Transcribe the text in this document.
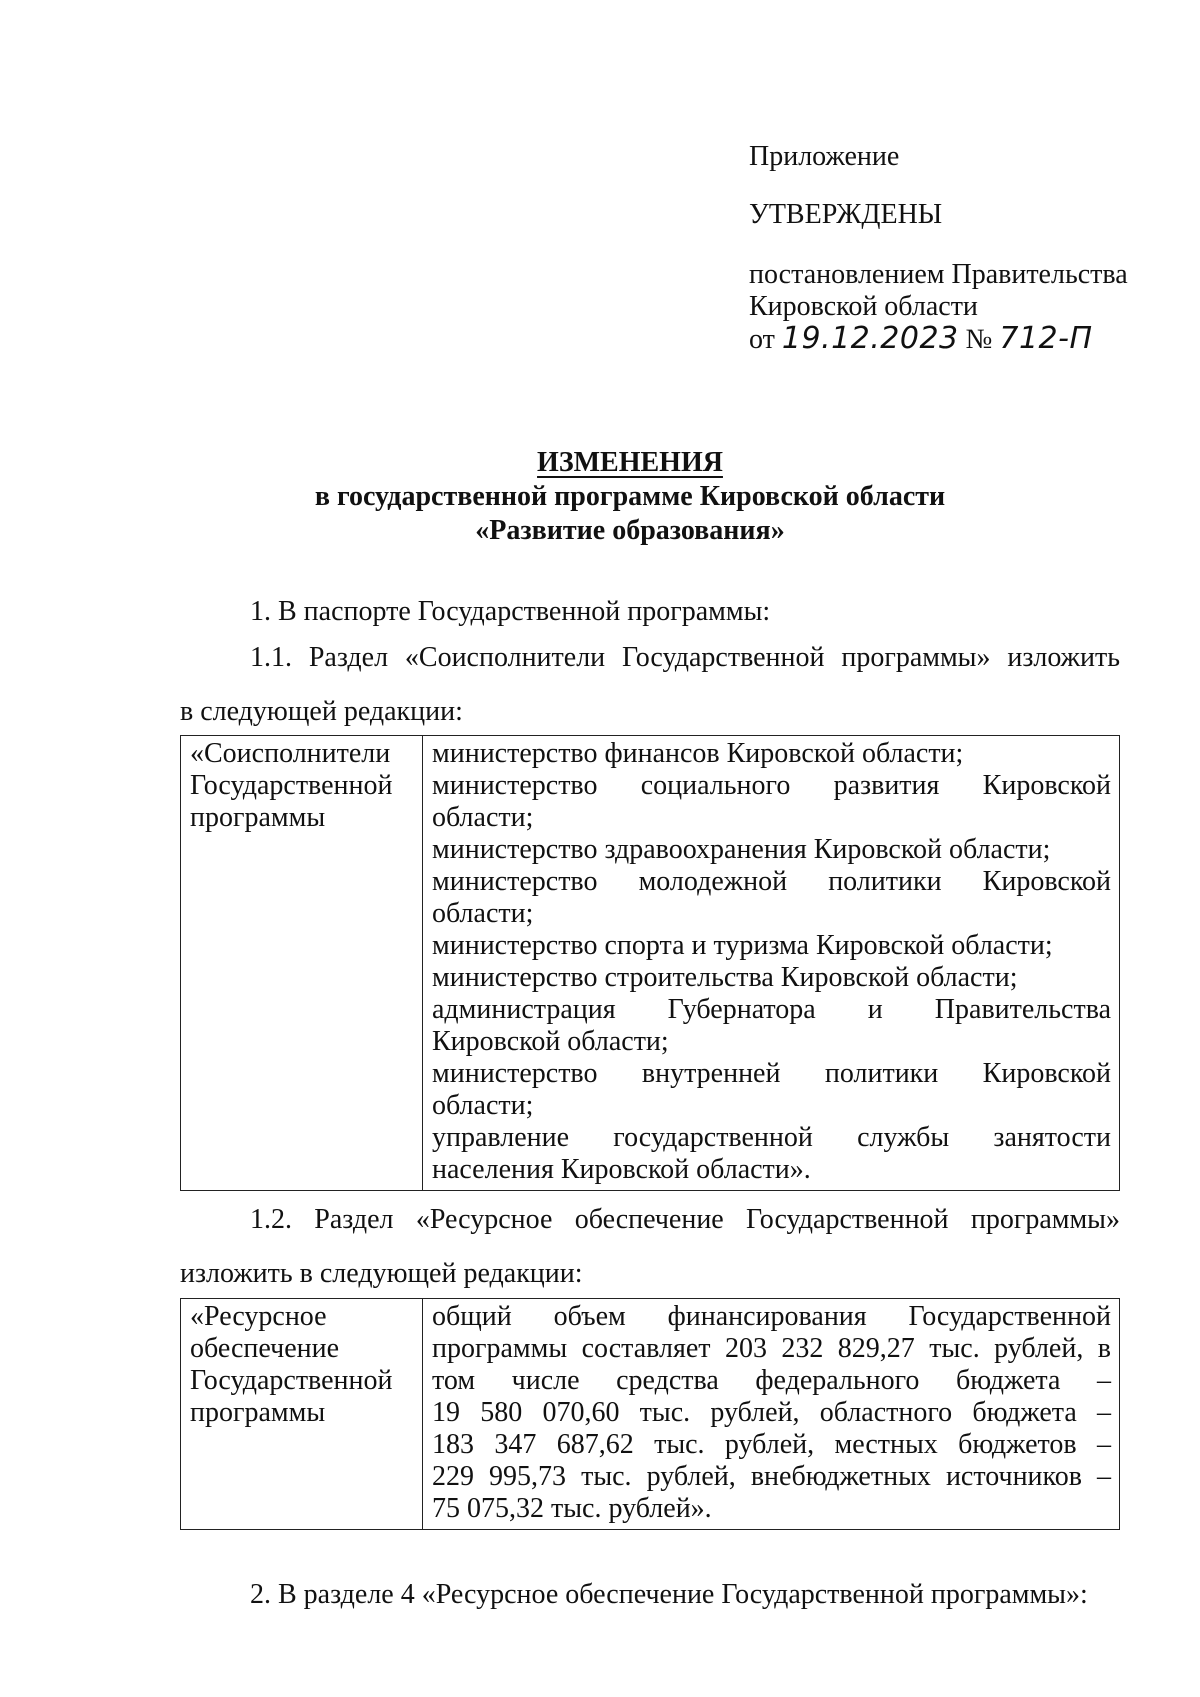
Приложение
УТВЕРЖДЕНЫ
постановлением Правительства
Кировской области
от 19.12.2023 № 712-П
ИЗМЕНЕНИЯ
в государственной программе Кировской области
«Развитие образования»
1. В паспорте Государственной программы:
1.1. Раздел «Соисполнители Государственной программы» изложить
в следующей редакции:
«Соисполнители
Государственной
программы

министерство финансов Кировской области;
министерство социального развития Кировской
области;
министерство здравоохранения Кировской области;
министерство молодежной политики Кировской
области;
министерство спорта и туризма Кировской области;
министерство строительства Кировской области;
администрация Губернатора и Правительства
Кировской области;
министерство внутренней политики Кировской
области;
управление государственной службы занятости
населения Кировской области».
1.2. Раздел «Ресурсное обеспечение Государственной программы»
изложить в следующей редакции:
«Ресурсное
обеспечение
Государственной
программы

общий объем финансирования Государственной
программы составляет 203 232 829,27 тыс. рублей, в
том числе средства федерального бюджета –
19 580 070,60 тыс. рублей, областного бюджета –
183 347 687,62 тыс. рублей, местных бюджетов –
229 995,73 тыс. рублей, внебюджетных источников –
75 075,32 тыс. рублей».
2. В разделе 4 «Ресурсное обеспечение Государственной программы»:
